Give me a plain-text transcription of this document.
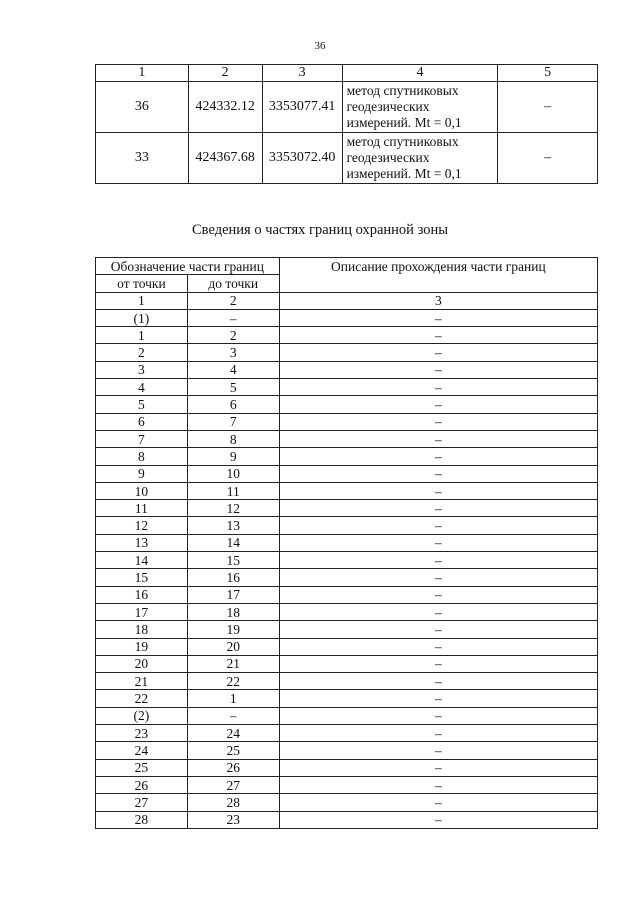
36
1	2	3	4	5
36	424332.12	3353077.41	метод спутниковых геодезических измерений. Mt = 0,1	–
33	424367.68	3353072.40	метод спутниковых геодезических измерений. Mt = 0,1	–
Сведения о частях границ охранной зоны
Обозначение части границ		Описание прохождения части границ
от точки	до точки	
1	2	3
(1)	–	–
1	2	–
2	3	–
3	4	–
4	5	–
5	6	–
6	7	–
7	8	–
8	9	–
9	10	–
10	11	–
11	12	–
12	13	–
13	14	–
14	15	–
15	16	–
16	17	–
17	18	–
18	19	–
19	20	–
20	21	–
21	22	–
22	1	–
(2)	–	–
23	24	–
24	25	–
25	26	–
26	27	–
27	28	–
28	23	–
